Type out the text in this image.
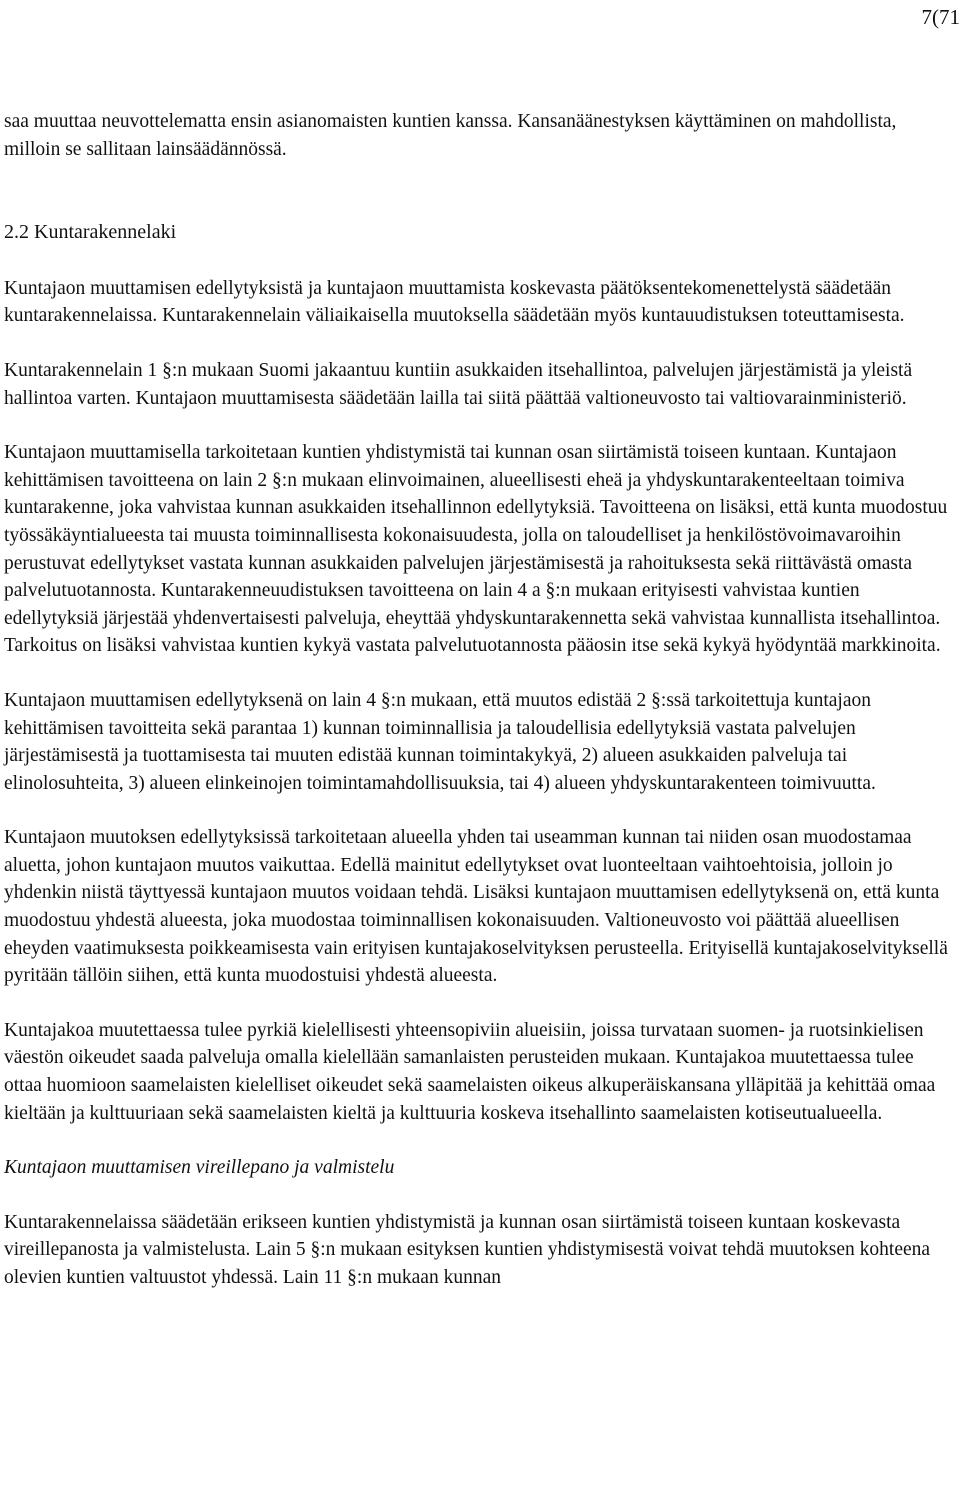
7(71

saa muuttaa neuvottelematta ensin asianomaisten kuntien kanssa. Kansanäänestyksen käyttäminen on mahdollista, milloin se sallitaan lainsäädännössä.

2.2 Kuntarakennelaki

Kuntajaon muuttamisen edellytyksistä ja kuntajaon muuttamista koskevasta päätöksentekomenettelystä säädetään kuntarakennelaissa. Kuntarakennelain väliaikaisella muutoksella säädetään myös kuntauudistuksen toteuttamisesta.

Kuntarakennelain 1 §:n mukaan Suomi jakaantuu kuntiin asukkaiden itsehallintoa, palvelujen järjestämistä ja yleistä hallintoa varten. Kuntajaon muuttamisesta säädetään lailla tai siitä päättää valtioneuvosto tai valtiovarainministeriö.

Kuntajaon muuttamisella tarkoitetaan kuntien yhdistymistä tai kunnan osan siirtämistä toiseen kuntaan. Kuntajaon kehittämisen tavoitteena on lain 2 §:n mukaan elinvoimainen, alueellisesti eheä ja yhdyskuntarakenteeltaan toimiva kuntarakenne, joka vahvistaa kunnan asukkaiden itsehallinnon edellytyksiä. Tavoitteena on lisäksi, että kunta muodostuu työssäkäyntialueesta tai muusta toiminnallisesta kokonaisuudesta, jolla on taloudelliset ja henkilöstövoimavaroihin perustuvat edellytykset vastata kunnan asukkaiden palvelujen järjestämisestä ja rahoituksesta sekä riittävästä omasta palvelutuotannosta. Kuntarakenneuudistuksen tavoitteena on lain 4 a §:n mukaan erityisesti vahvistaa kuntien edellytyksiä järjestää yhdenvertaisesti palveluja, eheyttää yhdyskuntarakennetta sekä vahvistaa kunnallista itsehallintoa. Tarkoitus on lisäksi vahvistaa kuntien kykyä vastata palvelutuotannosta pääosin itse sekä kykyä hyödyntää markkinoita.

Kuntajaon muuttamisen edellytyksenä on lain 4 §:n mukaan, että muutos edistää 2 §:ssä tarkoitettuja kuntajaon kehittämisen tavoitteita sekä parantaa 1) kunnan toiminnallisia ja taloudellisia edellytyksiä vastata palvelujen järjestämisestä ja tuottamisesta tai muuten edistää kunnan toimintakykyä, 2) alueen asukkaiden palveluja tai elinolosuhteita, 3) alueen elinkeinojen toimintamahdollisuuksia, tai 4) alueen yhdyskuntarakenteen toimivuutta.

Kuntajaon muutoksen edellytyksissä tarkoitetaan alueella yhden tai useamman kunnan tai niiden osan muodostamaa aluetta, johon kuntajaon muutos vaikuttaa. Edellä mainitut edellytykset ovat luonteeltaan vaihtoehtoisia, jolloin jo yhdenkin niistä täyttyessä kuntajaon muutos voidaan tehdä. Lisäksi kuntajaon muuttamisen edellytyksenä on, että kunta muodostuu yhdestä alueesta, joka muodostaa toiminnallisen kokonaisuuden. Valtioneuvosto voi päättää alueellisen eheyden vaatimuksesta poikkeamisesta vain erityisen kuntajakoselvityksen perusteella. Erityisellä kuntajakoselvityksellä pyritään tällöin siihen, että kunta muodostuisi yhdestä alueesta.

Kuntajakoa muutettaessa tulee pyrkiä kielellisesti yhteensopiviin alueisiin, joissa turvataan suomen- ja ruotsinkielisen väestön oikeudet saada palveluja omalla kielellään samanlaisten perusteiden mukaan. Kuntajakoa muutettaessa tulee ottaa huomioon saamelaisten kielelliset oikeudet sekä saamelaisten oikeus alkuperäiskansana ylläpitää ja kehittää omaa kieltään ja kulttuuriaan sekä saamelaisten kieltä ja kulttuuria koskeva itsehallinto saamelaisten kotiseutualueella.

Kuntajaon muuttamisen vireillepano ja valmistelu

Kuntarakennelaissa säädetään erikseen kuntien yhdistymistä ja kunnan osan siirtämistä toiseen kuntaan koskevasta vireillepanosta ja valmistelusta. Lain 5 §:n mukaan esityksen kuntien yhdistymisestä voivat tehdä muutoksen kohteena olevien kuntien valtuustot yhdessä. Lain 11 §:n mukaan kunnan
